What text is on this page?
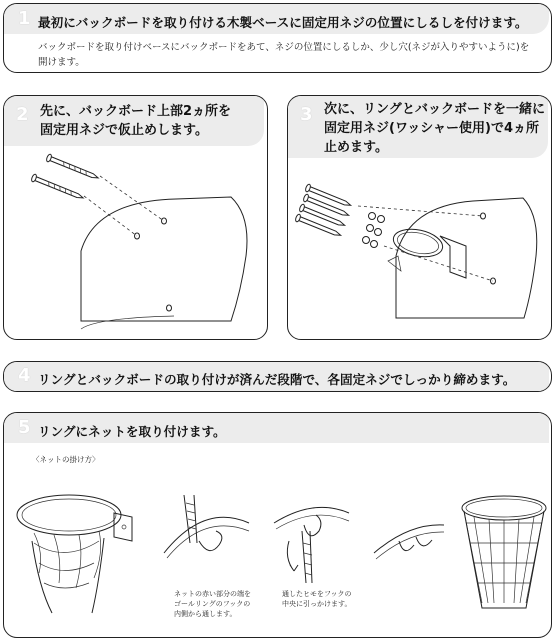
1 最初にバックボードを取り付ける木製ベースに固定用ネジの位置にしるしを付けます。
バックボードを取り付けベースにバックボードをあて、ネジの位置にしるしか、少し穴(ネジが入りやすいように)を
開けます。
2 先に、バックボード上部2ヵ所を
固定用ネジで仮止めします。
3 次に、リングとバックボードを一緒に
固定用ネジ(ワッシャー使用)で4ヵ所
止めます。
4 リングとバックボードの取り付けが済んだ段階で、各固定ネジでしっかり締めます。
5 リングにネットを取り付けます。
〈ネットの掛け方〉
ネットの赤い部分の端を
ゴールリングのフックの
内側から通します。
通したヒモをフックの
中央に引っかけます。
